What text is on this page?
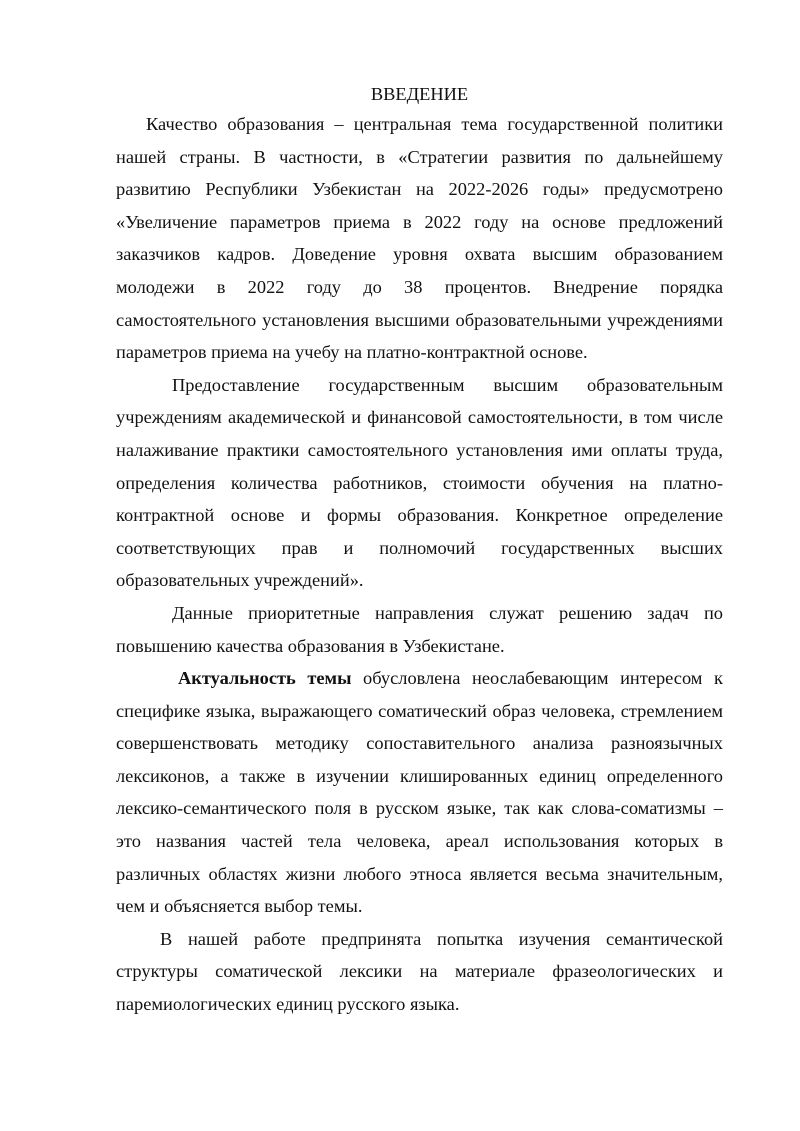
ВВЕДЕНИЕ

Качество образования – центральная тема государственной политики нашей страны. В частности, в «Стратегии развития по дальнейшему развитию Республики Узбекистан на 2022-2026 годы» предусмотрено «Увеличение параметров приема в 2022 году на основе предложений заказчиков кадров. Доведение уровня охвата высшим образованием молодежи в 2022 году до 38 процентов. Внедрение порядка самостоятельного установления высшими образовательными учреждениями параметров приема на учебу на платно-контрактной основе.

Предоставление государственным высшим образовательным учреждениям академической и финансовой самостоятельности, в том числе налаживание практики самостоятельного установления ими оплаты труда, определения количества работников, стоимости обучения на платно-контрактной основе и формы образования. Конкретное определение соответствующих прав и полномочий государственных высших образовательных учреждений».

Данные приоритетные направления служат решению задач по повышению качества образования в Узбекистане.

Актуальность темы обусловлена неослабевающим интересом к специфике языка, выражающего соматический образ человека, стремлением совершенствовать методику сопоставительного анализа разноязычных лексиконов, а также в изучении клишированных единиц определенного лексико-семантического поля в русском языке, так как слова-соматизмы – это названия частей тела человека, ареал использования которых в различных областях жизни любого этноса является весьма значительным, чем и объясняется выбор темы.

В нашей работе предпринята попытка изучения семантической структуры соматической лексики на материале фразеологических и паремиологических единиц русского языка.
